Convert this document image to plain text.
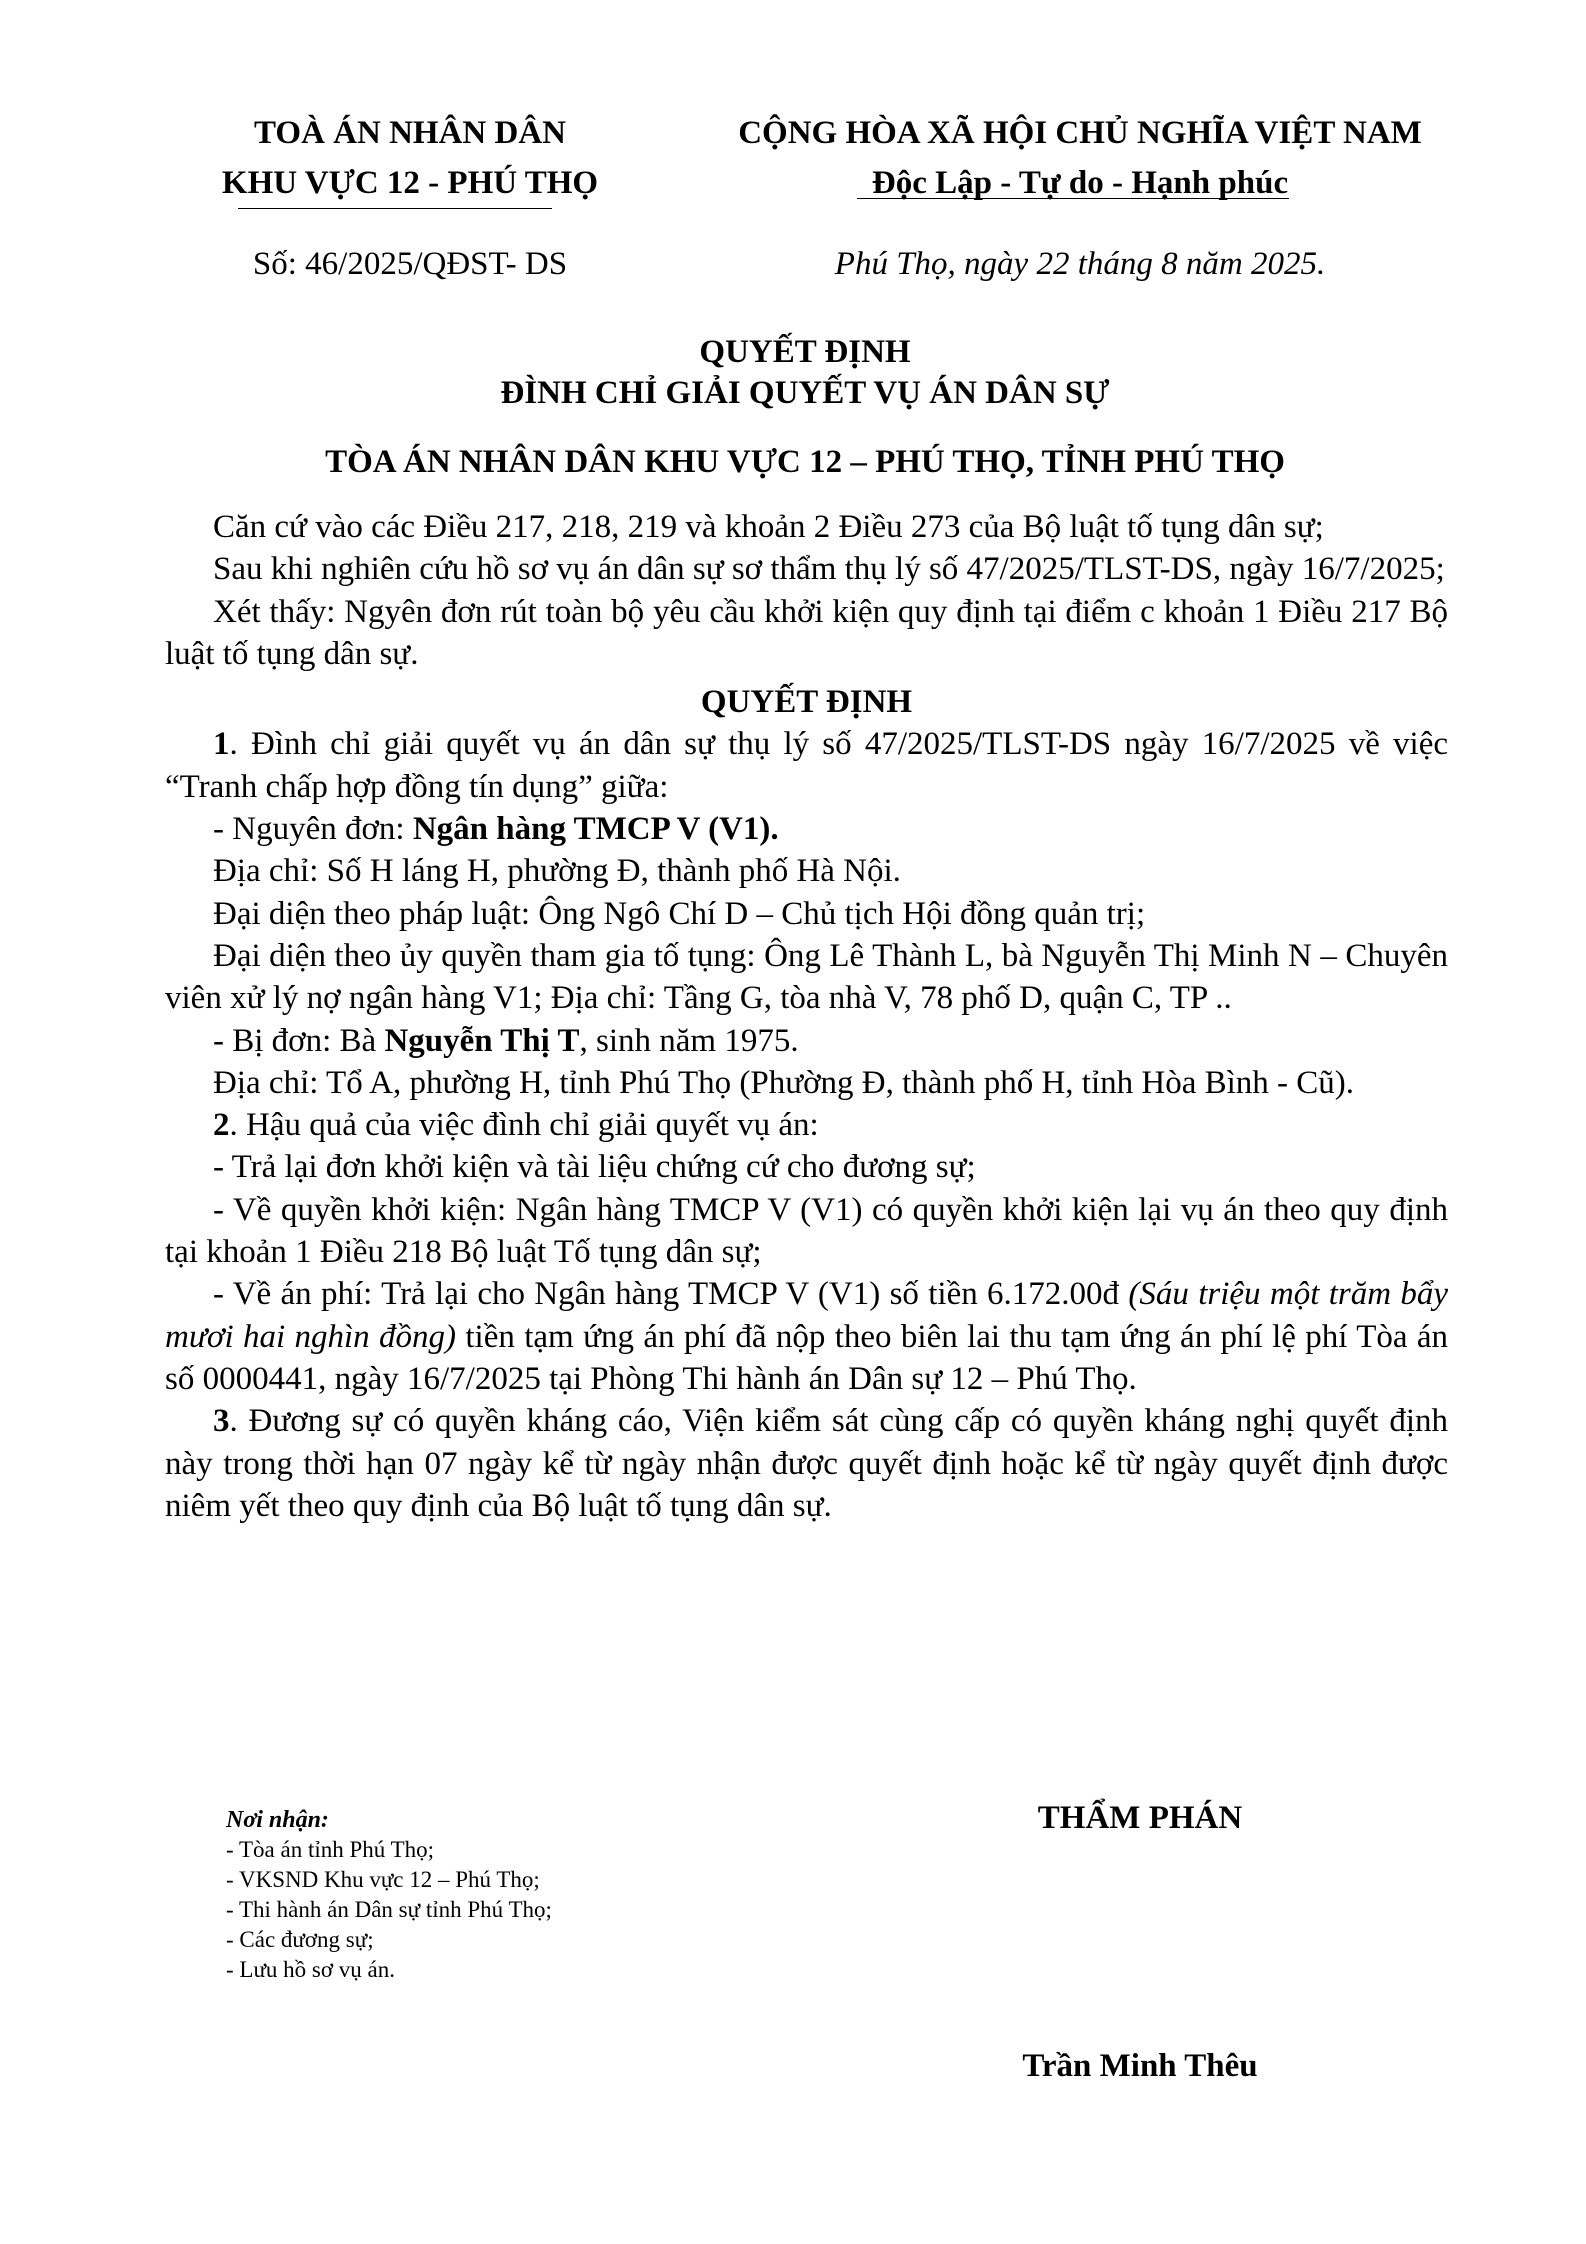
TOÀ ÁN NHÂN DÂN
KHU VỰC 12 - PHÚ THỌ
CỘNG HÒA XÃ HỘI CHỦ NGHĨA VIỆT NAM
Độc Lập - Tự do - Hạnh phúc
Số: 46/2025/QĐST- DS	Phú Thọ, ngày 22 tháng 8 năm 2025.
QUYẾT ĐỊNH
ĐÌNH CHỈ GIẢI QUYẾT VỤ ÁN DÂN SỰ
TÒA ÁN NHÂN DÂN KHU VỰC 12 – PHÚ THỌ, TỈNH PHÚ THỌ

Căn cứ vào các Điều 217, 218, 219 và khoản 2 Điều 273 của Bộ luật tố tụng dân sự;

Sau khi nghiên cứu hồ sơ vụ án dân sự sơ thẩm thụ lý số 47/2025/TLST-DS, ngày 16/7/2025;

Xét thấy: Ngyên đơn rút toàn bộ yêu cầu khởi kiện quy định tại điểm c khoản 1 Điều 217 Bộ luật tố tụng dân sự.

QUYẾT ĐỊNH

1. Đình chỉ giải quyết vụ án dân sự thụ lý số 47/2025/TLST-DS ngày 16/7/2025 về việc “Tranh chấp hợp đồng tín dụng” giữa:

- Nguyên đơn: Ngân hàng TMCP V (V1).

Địa chỉ: Số H láng H, phường Đ, thành phố Hà Nội.

Đại diện theo pháp luật: Ông Ngô Chí D – Chủ tịch Hội đồng quản trị;

Đại diện theo ủy quyền tham gia tố tụng: Ông Lê Thành L, bà Nguyễn Thị Minh N – Chuyên viên xử lý nợ ngân hàng V1; Địa chỉ: Tầng G, tòa nhà V, 78 phố D, quận C, TP ..

- Bị đơn: Bà Nguyễn Thị T, sinh năm 1975.

Địa chỉ: Tổ A, phường H, tỉnh Phú Thọ (Phường Đ, thành phố H, tỉnh Hòa Bình - Cũ).

2. Hậu quả của việc đình chỉ giải quyết vụ án:

- Trả lại đơn khởi kiện và tài liệu chứng cứ cho đương sự;

- Về quyền khởi kiện: Ngân hàng TMCP V (V1) có quyền khởi kiện lại vụ án theo quy định tại khoản 1 Điều 218 Bộ luật Tố tụng dân sự;

- Về án phí: Trả lại cho Ngân hàng TMCP V (V1) số tiền 6.172.00đ (Sáu triệu một trăm bẩy mươi hai nghìn đồng) tiền tạm ứng án phí đã nộp theo biên lai thu tạm ứng án phí lệ phí Tòa án số 0000441, ngày 16/7/2025 tại Phòng Thi hành án Dân sự 12 – Phú Thọ.

3. Đương sự có quyền kháng cáo, Viện kiểm sát cùng cấp có quyền kháng nghị quyết định này trong thời hạn 07 ngày kể từ ngày nhận được quyết định hoặc kể từ ngày quyết định được niêm yết theo quy định của Bộ luật tố tụng dân sự.

Nơi nhận:
- Tòa án tỉnh Phú Thọ;
- VKSND Khu vực 12 – Phú Thọ;
- Thi hành án Dân sự tỉnh Phú Thọ;
- Các đương sự;
- Lưu hồ sơ vụ án.
THẨM PHÁN
Trần Minh Thêu
